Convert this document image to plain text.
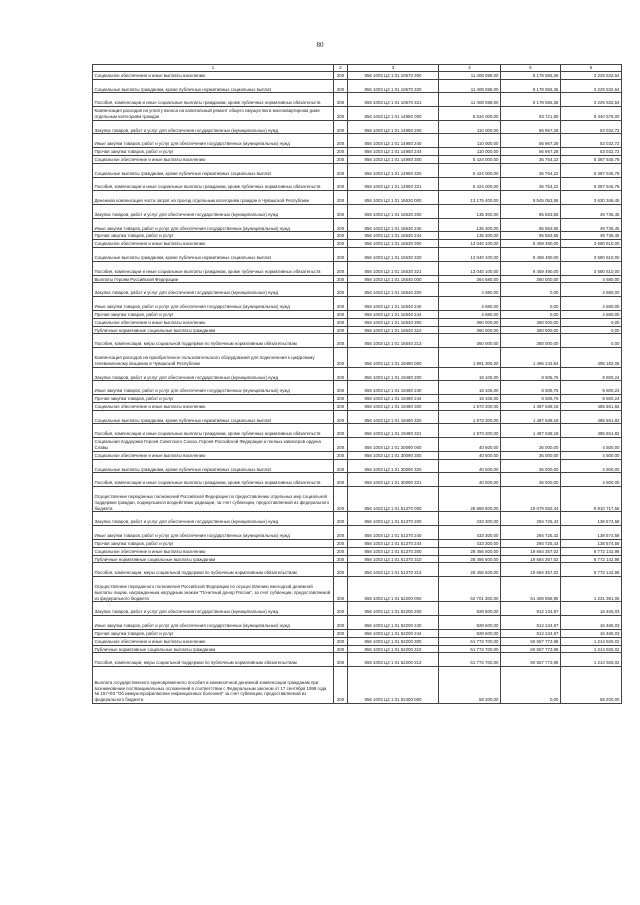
80
1	2	3	4	5	6
Социальное обеспечение и иные выплаты населению	200	856 1003 Ц3 1 01 10670 300	11 408 088,00	8 178 555,36	3 229 532,64
Социальные выплаты гражданам, кроме публичных нормативных социальных выплат	200	856 1003 Ц3 1 01 10670 320	11 408 088,00	8 178 555,36	3 229 532,64
Пособия, компенсации и иные социальные выплаты гражданам, кроме публичных нормативных обязательств	200	856 1003 Ц3 1 01 10670 321	11 408 088,00	8 178 555,36	3 229 532,64
Компенсация расходов на уплату взноса на капитальный ремонт общего имущества в многоквартирном доме отдельным категориям граждан	200	856 1003 Ц3 1 01 14950 000	5 534 000,00	93 721,80	5 440 578,00
Закупка товаров, работ и услуг для обеспечения государственных (муниципальных) нужд	200	856 1003 Ц3 1 01 14950 200	110 000,00	56 967,28	53 032,72
Иные закупки товаров, работ и услуг для обеспечения государственных (муниципальных) нужд	200	856 1003 Ц3 1 01 14950 240	110 000,00	56 967,28	53 032,72
Прочая закупка товаров, работ и услуг	200	856 1003 Ц3 1 01 14950 244	110 000,00	56 967,28	53 032,72
Социальное обеспечение и иные выплаты населению	200	856 1003 Ц3 1 01 14950 300	5 424 000,00	36 754,22	5 387 545,78
Социальные выплаты гражданам, кроме публичных нормативных социальных выплат	200	856 1003 Ц3 1 01 14950 320	5 424 000,00	36 754,22	5 387 545,78
Пособия, компенсации и иные социальные выплаты гражданам, кроме публичных нормативных обязательств	200	856 1003 Ц3 1 01 14950 321	5 424 000,00	36 754,22	5 387 545,78
Денежная компенсация части затрат на проезд отдельным категориям граждан в Чувашской Республике	200	856 1003 Ц3 1 01 16530 000	13 175 400,00	9 545 053,55	3 630 346,45
Закупка товаров, работ и услуг для обеспечения государственных (муниципальных) нужд	200	856 1003 Ц3 1 01 16530 200	135 300,00	85 563,55	49 736,45
Иные закупки товаров, работ и услуг для обеспечения государственных (муниципальных) нужд	200	856 1003 Ц3 1 01 16530 240	135 300,00	85 563,55	49 736,45
Прочая закупка товаров, работ и услуг	200	856 1003 Ц3 1 01 16530 244	135 300,00	85 563,55	49 736,45
Социальное обеспечение и иные выплаты населению	200	856 1003 Ц3 1 01 16530 300	13 040 100,00	9 459 490,00	3 580 610,00
Социальные выплаты гражданам, кроме публичных нормативных социальных выплат	200	856 1003 Ц3 1 01 16530 320	13 040 100,00	9 459 490,00	3 580 610,00
Пособия, компенсации и иные социальные выплаты гражданам, кроме публичных нормативных обязательств	200	856 1003 Ц3 1 01 16530 321	13 040 100,00	9 459 490,00	3 580 610,00
Выплаты Героям Российской Федерации	200	856 1003 Ц3 1 01 16540 000	364 680,00	360 000,00	4 680,00
Закупка товаров, работ и услуг для обеспечения государственных (муниципальных) нужд	200	856 1003 Ц3 1 01 16540 200	4 680,00	0,00	4 680,00
Иные закупки товаров, работ и услуг для обеспечения государственных (муниципальных) нужд	200	856 1003 Ц3 1 01 16540 240	4 680,00	0,00	4 680,00
Прочая закупка товаров, работ и услуг	200	856 1003 Ц3 1 01 16540 244	4 680,00	0,00	4 680,00
Социальное обеспечение и иные выплаты населению	200	856 1003 Ц3 1 01 16540 300	360 000,00	360 000,00	0,00
Публичные нормативные социальные выплаты гражданам	200	856 1003 Ц3 1 01 16540 310	360 000,00	360 000,00	0,00
Пособия, компенсации, меры социальной поддержки по публичным нормативным обязательствам	200	856 1003 Ц3 1 01 16540 313	360 000,00	360 000,00	0,00
Компенсация расходов на приобретенное пользовательского оборудования для подключения к цифровому телевизионному вещанию в Чувашской Республике	200	856 1003 Ц3 1 01 19480 000	1 991 306,00	1 496 143,94	495 162,06
Закупка товаров, работ и услуг для обеспечения государственных (муниципальных) нужд	200	856 1003 Ц3 1 01 19480 200	18 106,00	8 505,76	9 600,24
Иные закупки товаров, работ и услуг для обеспечения государственных (муниципальных) нужд	200	856 1003 Ц3 1 01 19480 240	18 106,00	8 505,76	9 600,24
Прочая закупка товаров, работ и услуг	200	856 1003 Ц3 1 01 19480 244	18 106,00	8 505,76	9 600,24
Социальное обеспечение и иные выплаты населению	200	856 1003 Ц3 1 01 19480 300	1 973 200,00	1 487 638,18	485 561,82
Социальные выплаты гражданам, кроме публичных нормативных социальных выплат	200	856 1003 Ц3 1 01 19480 320	1 973 200,00	1 487 638,18	485 561,82
Пособия, компенсации и иные социальные выплаты гражданам, кроме публичных нормативных обязательств	200	856 1003 Ц3 1 01 19480 321	1 973 200,00	1 487 638,18	485 561,82
Социальная поддержка Героев Советского Союза, Героев Российской Федерации и полных кавалеров ордена Славы	200	856 1003 Ц3 1 01 30090 000	40 500,00	36 000,00	4 500,00
Социальное обеспечение и иные выплаты населению	200	856 1003 Ц3 1 01 30090 300	40 500,00	36 000,00	4 500,00
Социальные выплаты гражданам, кроме публичных нормативных социальных выплат	200	856 1003 Ц3 1 01 30090 320	40 500,00	36 000,00	4 500,00
Пособия, компенсации и иные социальные выплаты гражданам, кроме публичных нормативных обязательств	200	856 1003 Ц3 1 01 30090 321	40 500,00	36 000,00	4 500,00
Осуществление переданных полномочий Российской Федерации по предоставлению отдельных мер социальной поддержки граждан, подвергшихся воздействию радиации, за счет субвенции, предоставляемой из федерального бюджета	200	856 1003 Ц3 1 01 51370 000	28 889 800,00	19 079 082,44	9 810 717,56
Закупка товаров, работ и услуг для обеспечения государственных (муниципальных) нужд	200	856 1003 Ц3 1 01 51370 200	433 300,00	294 725,42	138 574,58
Иные закупки товаров, работ и услуг для обеспечения государственных (муниципальных) нужд	200	856 1003 Ц3 1 01 51370 240	433 300,00	294 725,42	138 574,58
Прочая закупка товаров, работ и услуг	200	856 1003 Ц3 1 01 51370 244	433 300,00	294 725,42	138 574,58
Социальное обеспечение и иные выплаты населению	200	856 1003 Ц3 1 01 51370 300	28 456 500,00	19 684 357,02	8 772 142,98
Публичные нормативные социальные выплаты гражданам	200	856 1003 Ц3 1 01 51370 310	28 456 500,00	19 684 357,02	8 772 142,98
Пособия, компенсации, меры социальной поддержки по публичным нормативным обязательствам	200	856 1003 Ц3 1 01 51370 313	28 456 500,00	19 684 357,02	8 772 142,98
Осуществление переданного полномочия Российской Федерации по осуществлению ежегодной денежной выплаты лицам, награжденным нагрудным знаком "Почетный донор России", за счет субвенции, предоставляемой из федерального бюджета	200	856 1003 Ц3 1 01 52200 000	62 701 300,00	61 469 958,95	1 231 391,05
Закупка товаров, работ и услуг для обеспечения государственных (муниципальных) нужд	200	856 1003 Ц3 1 01 52200 200	928 600,00	912 134,97	16 465,03
Иные закупки товаров, работ и услуг для обеспечения государственных (муниципальных) нужд	200	856 1003 Ц3 1 01 52200 240	928 600,00	912 134,97	16 465,03
Прочая закупка товаров, работ и услуг	200	856 1003 Ц3 1 01 52200 244	928 600,00	912 134,97	16 465,03
Социальное обеспечение и иные выплаты населению	200	856 1003 Ц3 1 01 52200 300	61 772 700,00	60 557 773,98	1 214 926,02
Публичные нормативные социальные выплаты гражданам	200	856 1003 Ц3 1 01 52200 310	61 772 700,00	60 557 773,98	1 214 926,02
Пособия, компенсации, меры социальной поддержки по публичным нормативным обязательствам	200	856 1003 Ц3 1 01 52200 313	61 772 700,00	60 557 773,98	1 214 926,02
Выплата государственного единовременного пособия и ежемесячной денежной компенсации гражданам при возникновении поствакцинальных осложнений в соответствии с Федеральным законом от 17 сентября 1998 года № 157-ФЗ "Об иммунопрофилактике инфекционных болезней" за счет субвенции, предоставляемой из федерального бюджета	200	856 1003 Ц3 1 01 52400 000	58 200,00	0,00	58 200,00
